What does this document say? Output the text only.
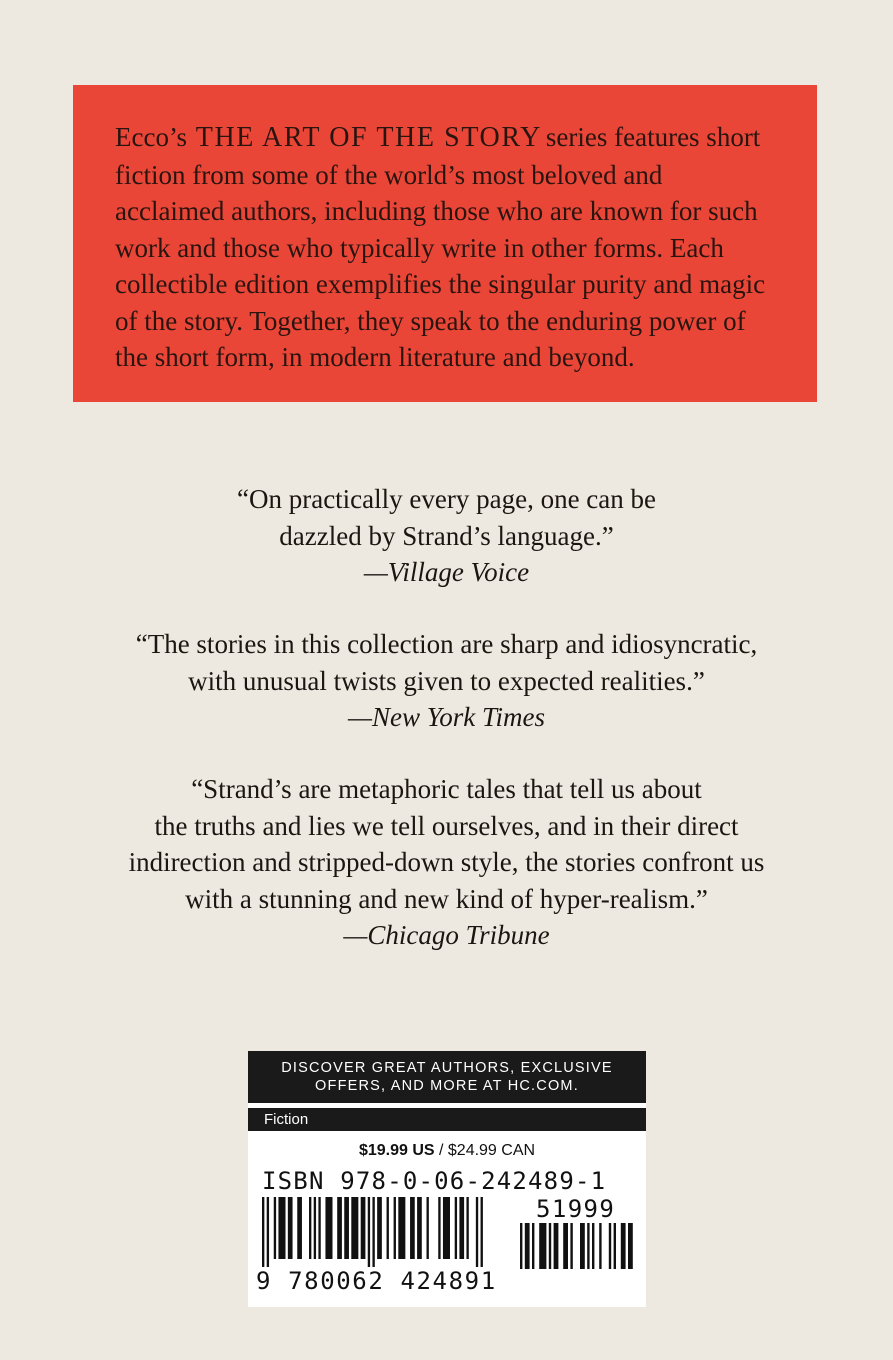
Ecco’s THE ART OF THE STORY series features short fiction from some of the world’s most beloved and acclaimed authors, including those who are known for such work and those who typically write in other forms. Each collectible edition exemplifies the singular purity and magic of the story. Together, they speak to the enduring power of the short form, in modern literature and beyond.

“On practically every page, one can be
dazzled by Strand’s language.”

—Village Voice

“The stories in this collection are sharp and idiosyncratic,
with unusual twists given to expected realities.”

—New York Times

“Strand’s are metaphoric tales that tell us about
the truths and lies we tell ourselves, and in their direct
indirection and stripped-down style, the stories confront us
with a stunning and new kind of hyper-realism.”

—Chicago Tribune

DISCOVER GREAT AUTHORS, EXCLUSIVE
OFFERS, AND MORE AT HC.COM.
Fiction
$19.99 US / $24.99 CAN
ISBN 978-0-06-242489-1
51999
9 780062 424891
